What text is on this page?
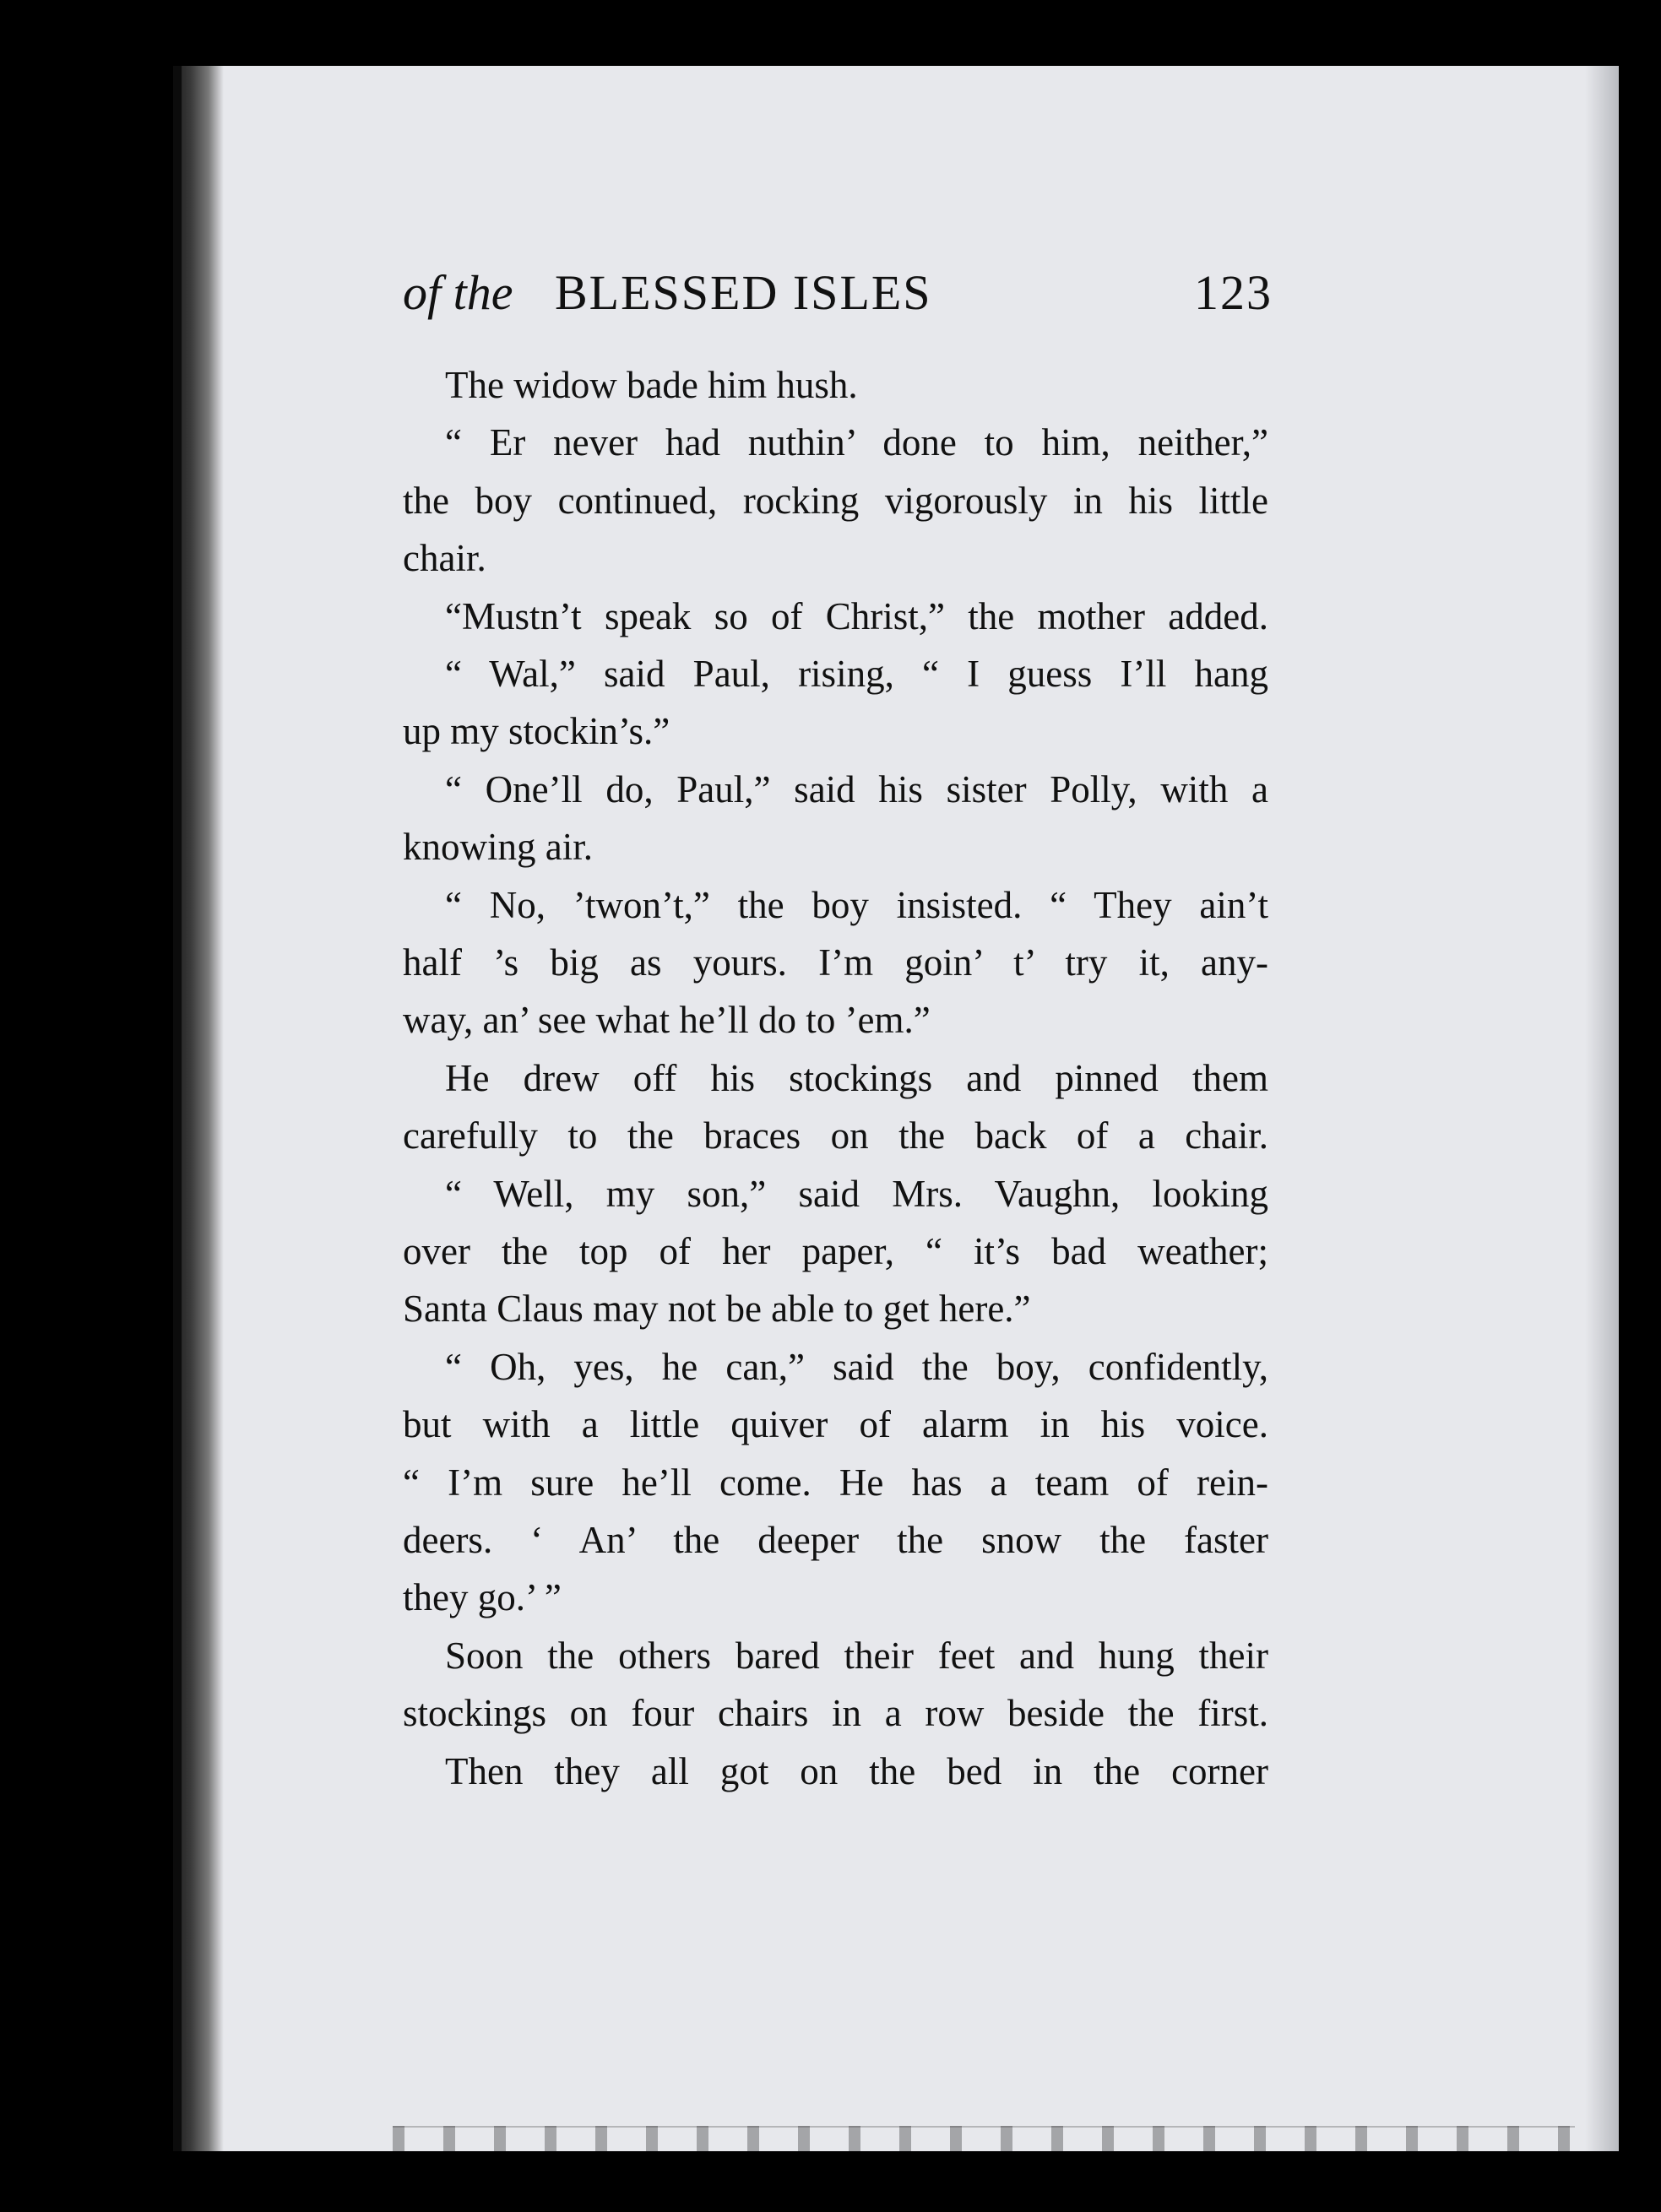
of the BLESSED ISLES	123
The widow bade him hush.
“ Er never had nuthin’ done to him, neither,”
the boy continued, rocking vigorously in his little
chair.
“Mustn’t speak so of Christ,” the mother added.
“ Wal,” said Paul, rising, “ I guess I’ll hang
up my stockin’s.”
“ One’ll do, Paul,” said his sister Polly, with a
knowing air.
“ No, ’twon’t,” the boy insisted. “ They ain’t
half ’s big as yours. I’m goin’ t’ try it, any-
way, an’ see what he’ll do to ’em.”
He drew off his stockings and pinned them
carefully to the braces on the back of a chair.
“ Well, my son,” said Mrs. Vaughn, looking
over the top of her paper, “ it’s bad weather;
Santa Claus may not be able to get here.”
“ Oh, yes, he can,” said the boy, confidently,
but with a little quiver of alarm in his voice.
“ I’m sure he’ll come. He has a team of rein-
deers. ‘ An’ the deeper the snow the faster
they go.’ ”
Soon the others bared their feet and hung their
stockings on four chairs in a row beside the first.
Then they all got on the bed in the corner
